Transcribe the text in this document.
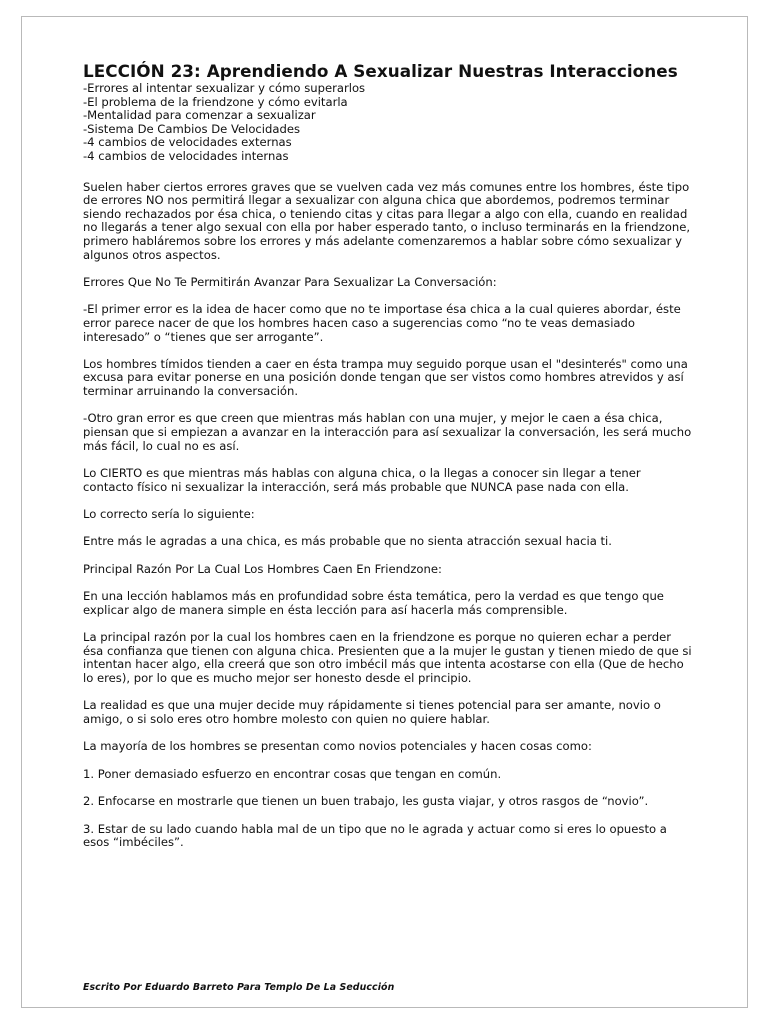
LECCIÓN 23: Aprendiendo A Sexualizar Nuestras Interacciones
-Errores al intentar sexualizar y cómo superarlos
-El problema de la friendzone y cómo evitarla
-Mentalidad para comenzar a sexualizar
-Sistema De Cambios De Velocidades
-4 cambios de velocidades externas
-4 cambios de velocidades internas

Suelen haber ciertos errores graves que se vuelven cada vez más comunes entre los hombres, éste tipo de errores NO nos permitirá llegar a sexualizar con alguna chica que abordemos, podremos terminar siendo rechazados por ésa chica, o teniendo citas y citas para llegar a algo con ella, cuando en realidad no llegarás a tener algo sexual con ella por haber esperado tanto, o incluso terminarás en la friendzone, primero habláremos sobre los errores y más adelante comenzaremos a hablar sobre cómo sexualizar y algunos otros aspectos.

Errores Que No Te Permitirán Avanzar Para Sexualizar La Conversación:

-El primer error es la idea de hacer como que no te importase ésa chica a la cual quieres abordar, éste error parece nacer de que los hombres hacen caso a sugerencias como “no te veas demasiado interesado” o “tienes que ser arrogante”.

Los hombres tímidos tienden a caer en ésta trampa muy seguido porque usan el "desinterés" como una excusa para evitar ponerse en una posición donde tengan que ser vistos como hombres atrevidos y así terminar arruinando la conversación.

-Otro gran error es que creen que mientras más hablan con una mujer, y mejor le caen a ésa chica, piensan que si empiezan a avanzar en la interacción para así sexualizar la conversación, les será mucho más fácil, lo cual no es así.

Lo CIERTO es que mientras más hablas con alguna chica, o la llegas a conocer sin llegar a tener contacto físico ni sexualizar la interacción, será más probable que NUNCA pase nada con ella.

Lo correcto sería lo siguiente:

Entre más le agradas a una chica, es más probable que no sienta atracción sexual hacia ti.

Principal Razón Por La Cual Los Hombres Caen En Friendzone:

En una lección hablamos más en profundidad sobre ésta temática, pero la verdad es que tengo que explicar algo de manera simple en ésta lección para así hacerla más comprensible.

La principal razón por la cual los hombres caen en la friendzone es porque no quieren echar a perder ésa confianza que tienen con alguna chica. Presienten que a la mujer le gustan y tienen miedo de que si intentan hacer algo, ella creerá que son otro imbécil más que intenta acostarse con ella (Que de hecho lo eres), por lo que es mucho mejor ser honesto desde el principio.

La realidad es que una mujer decide muy rápidamente si tienes potencial para ser amante, novio o amigo, o si solo eres otro hombre molesto con quien no quiere hablar.

La mayoría de los hombres se presentan como novios potenciales y hacen cosas como:

1. Poner demasiado esfuerzo en encontrar cosas que tengan en común.

2. Enfocarse en mostrarle que tienen un buen trabajo, les gusta viajar, y otros rasgos de “novio”.

3. Estar de su lado cuando habla mal de un tipo que no le agrada y actuar como si eres lo opuesto a esos “imbéciles”.

Escrito Por Eduardo Barreto Para Templo De La Seducción
